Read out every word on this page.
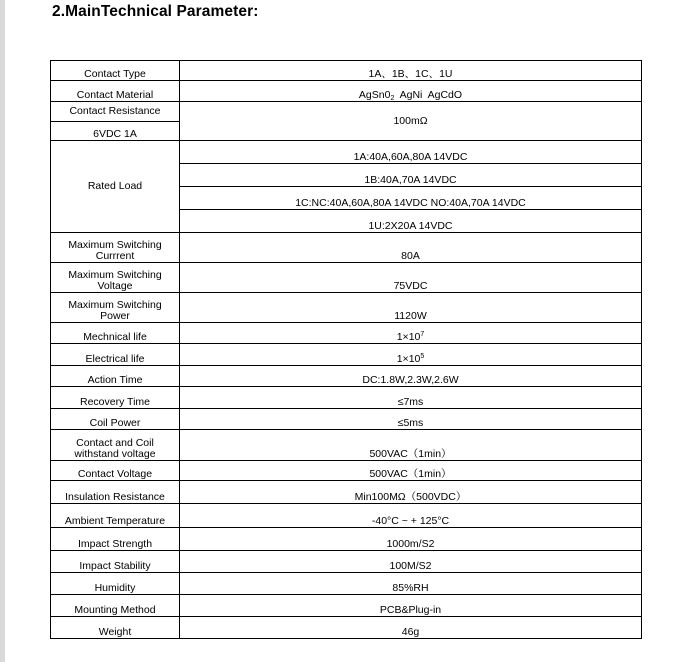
2.MainTechnical Parameter:
Contact Type	1A、1B、1C、1U
Contact Material	$AgSn0_2$  AgNi  AgCdO
Contact Resistance	100mΩ
6VDC 1A	
Rated Load	1A:40A,60A,80A 14VDC
	1B:40A,70A 14VDC
	1C:NC:40A,60A,80A 14VDC NO:40A,70A 14VDC
	1U:2X20A 14VDC

Maximum Switching
Currrent	80A

Maximum Switching
Voltage	75VDC

Maximum Switching
Power	1120W
Mechnical life	$1\times 10^7$
Electrical life	$1\times 10^5$
Action Time	DC:1.8W,2.3W,2.6W
Recovery Time	≤7ms
Coil Power	≤5ms

Contact and Coil
withstand voltage	500VAC（1min）
Contact Voltage	500VAC（1min）
Insulation Resistance	Min100MΩ（500VDC）
Ambient Temperature	-40°C ~ + 125°C
Impact Strength	1000m/S2
Impact Stability	100M/S2
Humidity	85%RH
Mounting Method	PCB&Plug-in
Weight	46g
